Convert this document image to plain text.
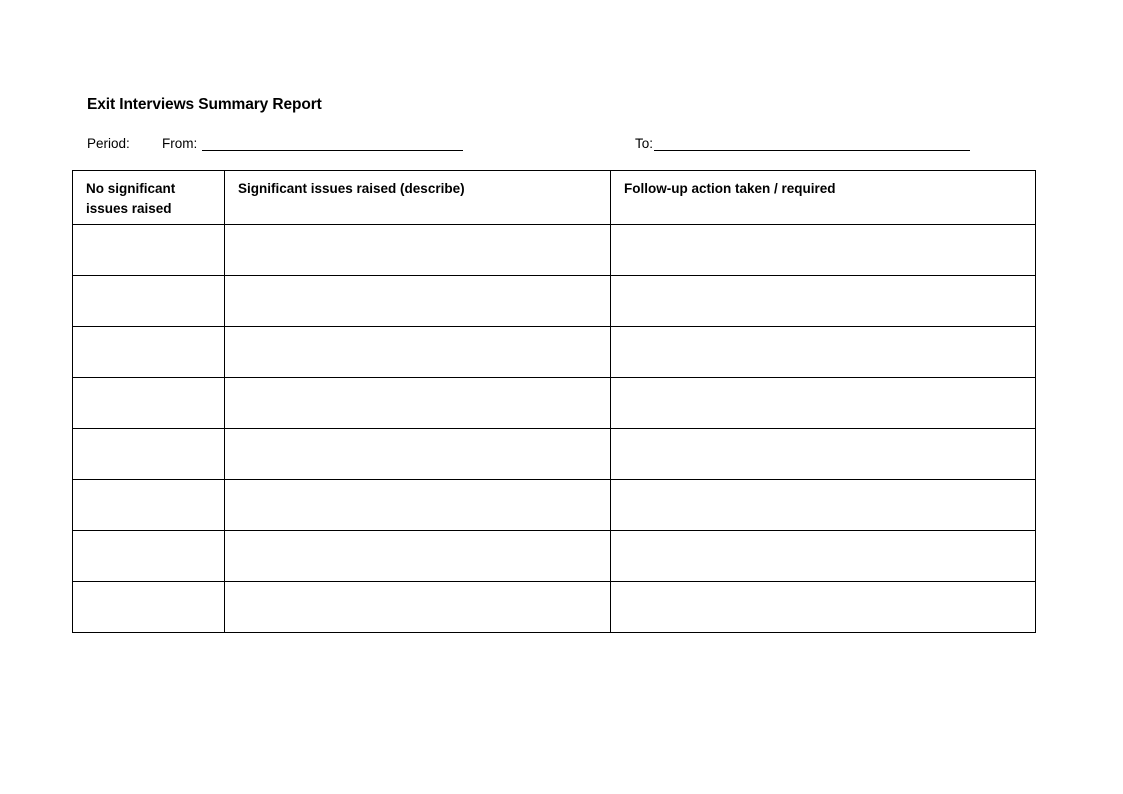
Exit Interviews Summary Report
Period: From:	To:
No significant issues raised	Significant issues raised (describe)	Follow-up action taken / required
